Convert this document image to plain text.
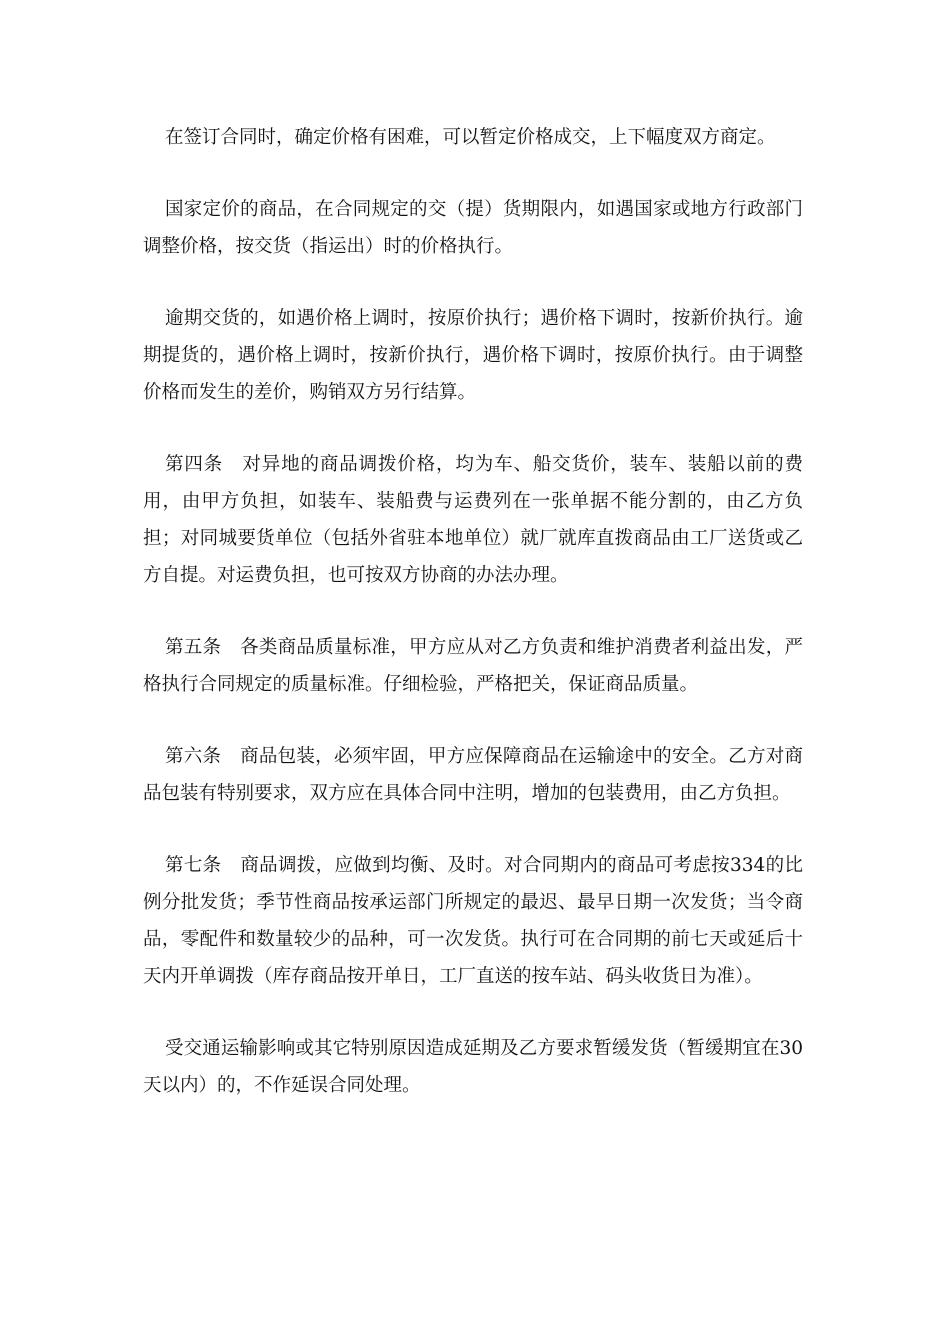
在签订合同时，确定价格有困难，可以暂定价格成交，上下幅度双方商定。

国家定价的商品，在合同规定的交（提）货期限内，如遇国家或地方行政部门调整价格，按交货（指运出）时的价格执行。

逾期交货的，如遇价格上调时，按原价执行；遇价格下调时，按新价执行。逾期提货的，遇价格上调时，按新价执行，遇价格下调时，按原价执行。由于调整价格而发生的差价，购销双方另行结算。

第四条　对异地的商品调拨价格，均为车、船交货价，装车、装船以前的费用，由甲方负担，如装车、装船费与运费列在一张单据不能分割的，由乙方负担；对同城要货单位（包括外省驻本地单位）就厂就库直拨商品由工厂送货或乙方自提。对运费负担，也可按双方协商的办法办理。

第五条　各类商品质量标准，甲方应从对乙方负责和维护消费者利益出发，严格执行合同规定的质量标准。仔细检验，严格把关，保证商品质量。

第六条　商品包装，必须牢固，甲方应保障商品在运输途中的安全。乙方对商品包装有特别要求，双方应在具体合同中注明，增加的包装费用，由乙方负担。

第七条　商品调拨，应做到均衡、及时。对合同期内的商品可考虑按334的比例分批发货；季节性商品按承运部门所规定的最迟、最早日期一次发货；当令商品，零配件和数量较少的品种，可一次发货。执行可在合同期的前七天或延后十天内开单调拨（库存商品按开单日，工厂直送的按车站、码头收货日为准）。

受交通运输影响或其它特别原因造成延期及乙方要求暂缓发货（暂缓期宜在30天以内）的，不作延误合同处理。
